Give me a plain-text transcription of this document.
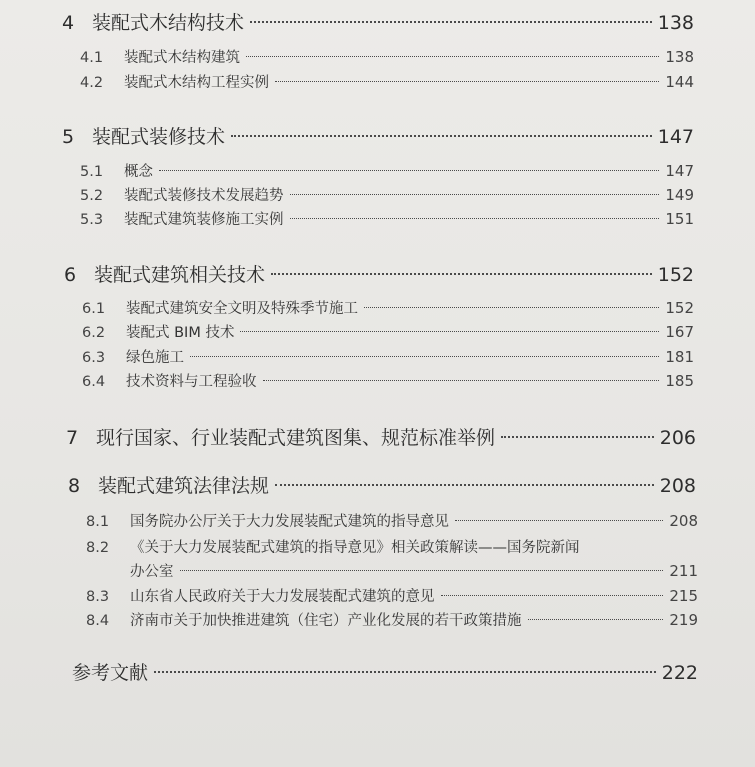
4 装配式木结构技术	138
4.1	装配式木结构建筑	138
4.2	装配式木结构工程实例	144
5 装配式装修技术	147
5.1	概念	147
5.2	装配式装修技术发展趋势	149
5.3	装配式建筑装修施工实例	151
6 装配式建筑相关技术	152
6.1	装配式建筑安全文明及特殊季节施工	152
6.2	装配式 BIM 技术	167
6.3	绿色施工	181
6.4	技术资料与工程验收	185
7 现行国家、行业装配式建筑图集、规范标准举例	206
8 装配式建筑法律法规	208
8.1	国务院办公厅关于大力发展装配式建筑的指导意见	208
8.2	《关于大力发展装配式建筑的指导意见》相关政策解读——国务院新闻
办公室	211
8.3	山东省人民政府关于大力发展装配式建筑的意见	215
8.4	济南市关于加快推进建筑（住宅）产业化发展的若干政策措施	219
参考文献	222
